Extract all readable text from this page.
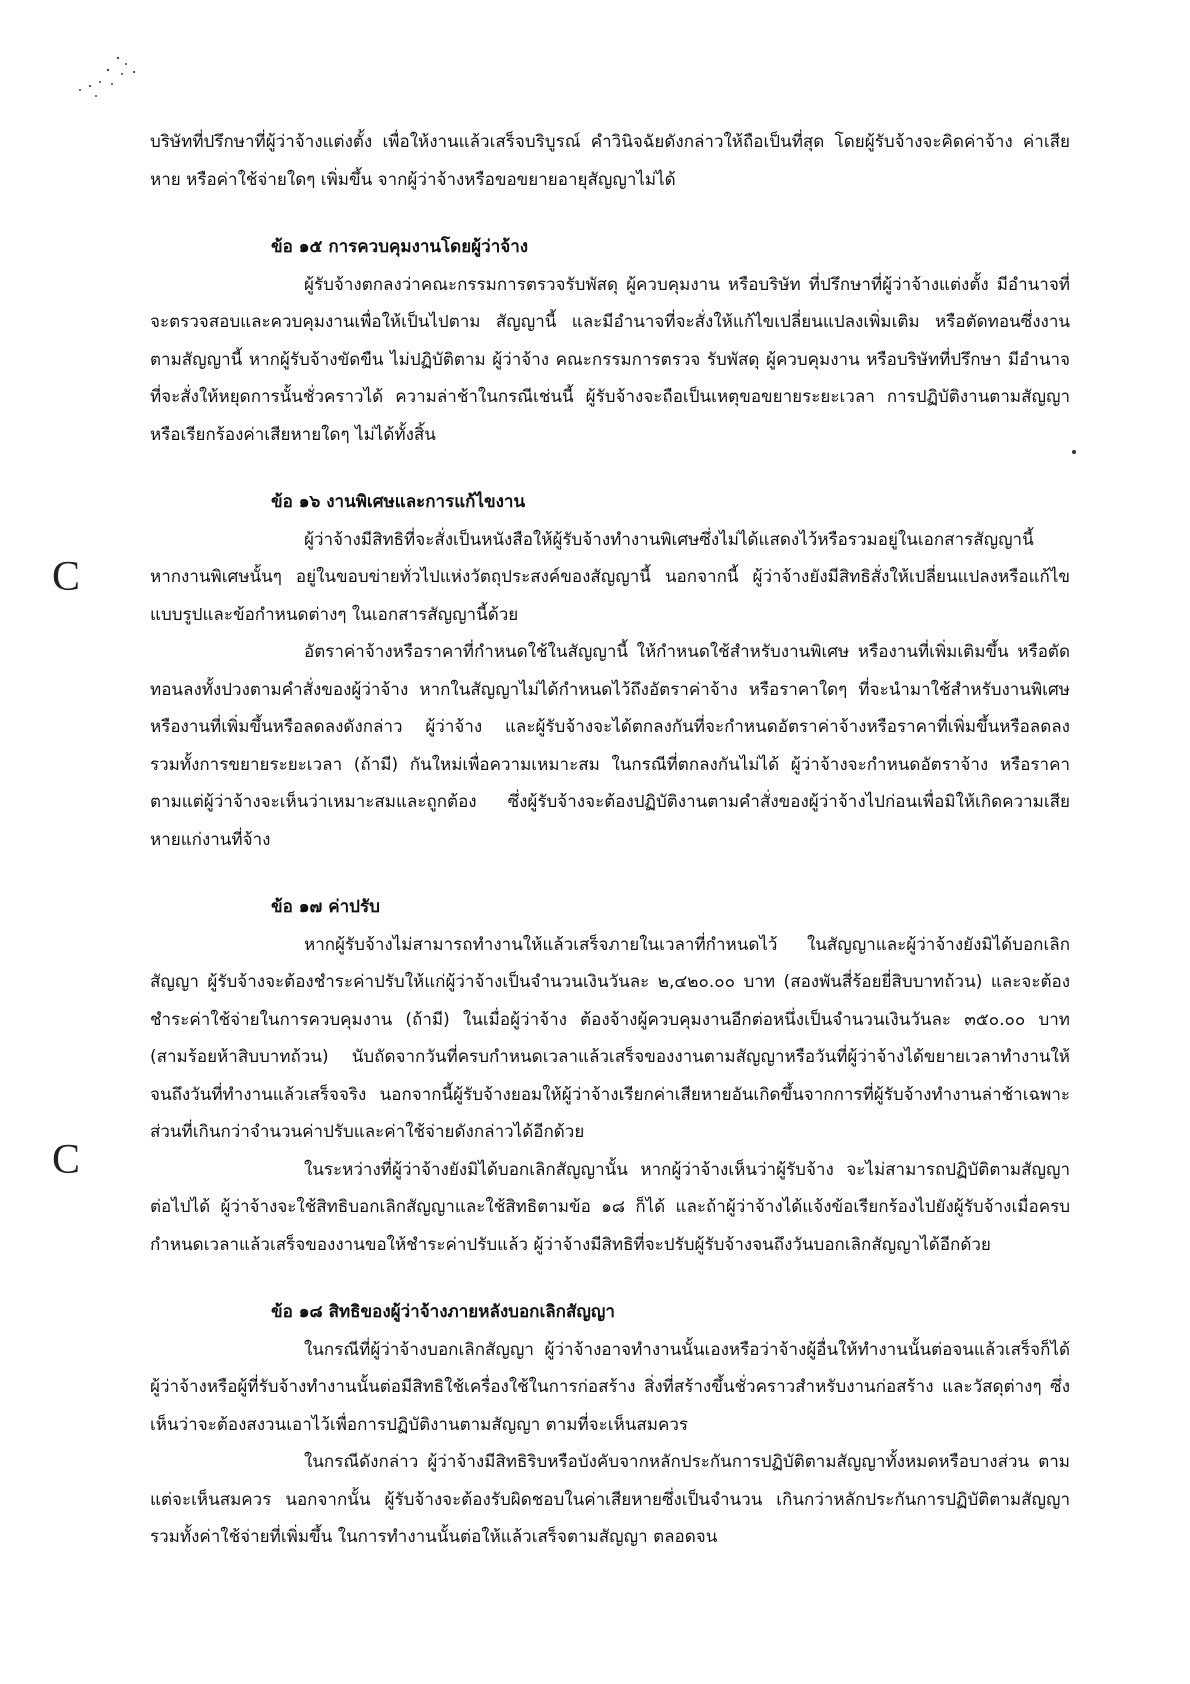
C
C

บริษัทที่ปรึกษาที่ผู้ว่าจ้างแต่งตั้ง เพื่อให้งานแล้วเสร็จบริบูรณ์ คำวินิจฉัยดังกล่าวให้ถือเป็นที่สุด โดยผู้รับจ้างจะคิดค่าจ้าง ค่าเสียหาย หรือค่าใช้จ่ายใดๆ เพิ่มขึ้น จากผู้ว่าจ้างหรือขอขยายอายุสัญญาไม่ได้

ข้อ ๑๕ การควบคุมงานโดยผู้ว่าจ้าง

ผู้รับจ้างตกลงว่าคณะกรรมการตรวจรับพัสดุ ผู้ควบคุมงาน หรือบริษัท ที่ปรึกษาที่ผู้ว่าจ้างแต่งตั้ง มีอำนาจที่จะตรวจสอบและควบคุมงานเพื่อให้เป็นไปตาม สัญญานี้ และมีอำนาจที่จะสั่งให้แก้ไขเปลี่ยนแปลงเพิ่มเติม หรือตัดทอนซึ่งงานตามสัญญานี้ หากผู้รับจ้างขัดขืน ไม่ปฏิบัติตาม ผู้ว่าจ้าง คณะกรรมการตรวจ รับพัสดุ ผู้ควบคุมงาน หรือบริษัทที่ปรึกษา มีอำนาจ ที่จะสั่งให้หยุดการนั้นชั่วคราวได้ ความล่าช้าในกรณีเช่นนี้ ผู้รับจ้างจะถือเป็นเหตุขอขยายระยะเวลา การปฏิบัติงานตามสัญญาหรือเรียกร้องค่าเสียหายใดๆ ไม่ได้ทั้งสิ้น

ข้อ ๑๖ งานพิเศษและการแก้ไขงาน

ผู้ว่าจ้างมีสิทธิที่จะสั่งเป็นหนังสือให้ผู้รับจ้างทำงานพิเศษซึ่งไม่ได้แสดงไว้หรือรวมอยู่ในเอกสารสัญญานี้ หากงานพิเศษนั้นๆ อยู่ในขอบข่ายทั่วไปแห่งวัตถุประสงค์ของสัญญานี้ นอกจากนี้ ผู้ว่าจ้างยังมีสิทธิสั่งให้เปลี่ยนแปลงหรือแก้ไขแบบรูปและข้อกำหนดต่างๆ ในเอกสารสัญญานี้ด้วย

อัตราค่าจ้างหรือราคาที่กำหนดใช้ในสัญญานี้ ให้กำหนดใช้สำหรับงานพิเศษ หรืองานที่เพิ่มเติมขึ้น หรือตัดทอนลงทั้งปวงตามคำสั่งของผู้ว่าจ้าง หากในสัญญาไม่ได้กำหนดไว้ถึงอัตราค่าจ้าง หรือราคาใดๆ ที่จะนำมาใช้สำหรับงานพิเศษหรืองานที่เพิ่มขึ้นหรือลดลงดังกล่าว ผู้ว่าจ้าง และผู้รับจ้างจะได้ตกลงกันที่จะกำหนดอัตราค่าจ้างหรือราคาที่เพิ่มขึ้นหรือลดลง รวมทั้งการขยายระยะเวลา (ถ้ามี) กันใหม่เพื่อความเหมาะสม ในกรณีที่ตกลงกันไม่ได้ ผู้ว่าจ้างจะกำหนดอัตราจ้าง หรือราคาตามแต่ผู้ว่าจ้างจะเห็นว่าเหมาะสมและถูกต้อง ซึ่งผู้รับจ้างจะต้องปฏิบัติงานตามคำสั่งของผู้ว่าจ้างไปก่อนเพื่อมิให้เกิดความเสียหายแก่งานที่จ้าง

ข้อ ๑๗ ค่าปรับ

หากผู้รับจ้างไม่สามารถทำงานให้แล้วเสร็จภายในเวลาที่กำหนดไว้ ในสัญญาและผู้ว่าจ้างยังมิได้บอกเลิกสัญญา ผู้รับจ้างจะต้องชำระค่าปรับให้แก่ผู้ว่าจ้างเป็นจำนวนเงินวันละ ๒,๔๒๐.๐๐ บาท (สองพันสี่ร้อยยี่สิบบาทถ้วน) และจะต้องชำระค่าใช้จ่ายในการควบคุมงาน (ถ้ามี) ในเมื่อผู้ว่าจ้าง ต้องจ้างผู้ควบคุมงานอีกต่อหนึ่งเป็นจำนวนเงินวันละ ๓๕๐.๐๐ บาท (สามร้อยห้าสิบบาทถ้วน) นับถัดจากวันที่ครบกำหนดเวลาแล้วเสร็จของงานตามสัญญาหรือวันที่ผู้ว่าจ้างได้ขยายเวลาทำงานให้ จนถึงวันที่ทำงานแล้วเสร็จจริง นอกจากนี้ผู้รับจ้างยอมให้ผู้ว่าจ้างเรียกค่าเสียหายอันเกิดขึ้นจากการที่ผู้รับจ้างทำงานล่าช้าเฉพาะส่วนที่เกินกว่าจำนวนค่าปรับและค่าใช้จ่ายดังกล่าวได้อีกด้วย

ในระหว่างที่ผู้ว่าจ้างยังมิได้บอกเลิกสัญญานั้น หากผู้ว่าจ้างเห็นว่าผู้รับจ้าง จะไม่สามารถปฏิบัติตามสัญญาต่อไปได้ ผู้ว่าจ้างจะใช้สิทธิบอกเลิกสัญญาและใช้สิทธิตามข้อ ๑๘ ก็ได้ และถ้าผู้ว่าจ้างได้แจ้งข้อเรียกร้องไปยังผู้รับจ้างเมื่อครบกำหนดเวลาแล้วเสร็จของงานขอให้ชำระค่าปรับแล้ว ผู้ว่าจ้างมีสิทธิที่จะปรับผู้รับจ้างจนถึงวันบอกเลิกสัญญาได้อีกด้วย

ข้อ ๑๘ สิทธิของผู้ว่าจ้างภายหลังบอกเลิกสัญญา

ในกรณีที่ผู้ว่าจ้างบอกเลิกสัญญา ผู้ว่าจ้างอาจทำงานนั้นเองหรือว่าจ้างผู้อื่นให้ทำงานนั้นต่อจนแล้วเสร็จก็ได้ ผู้ว่าจ้างหรือผู้ที่รับจ้างทำงานนั้นต่อมีสิทธิใช้เครื่องใช้ในการก่อสร้าง สิ่งที่สร้างขึ้นชั่วคราวสำหรับงานก่อสร้าง และวัสดุต่างๆ ซึ่งเห็นว่าจะต้องสงวนเอาไว้เพื่อการปฏิบัติงานตามสัญญา ตามที่จะเห็นสมควร

ในกรณีดังกล่าว ผู้ว่าจ้างมีสิทธิริบหรือบังคับจากหลักประกันการปฏิบัติตามสัญญาทั้งหมดหรือบางส่วน ตามแต่จะเห็นสมควร นอกจากนั้น ผู้รับจ้างจะต้องรับผิดชอบในค่าเสียหายซึ่งเป็นจำนวน เกินกว่าหลักประกันการปฏิบัติตามสัญญา รวมทั้งค่าใช้จ่ายที่เพิ่มขึ้น ในการทำงานนั้นต่อให้แล้วเสร็จตามสัญญา ตลอดจน
